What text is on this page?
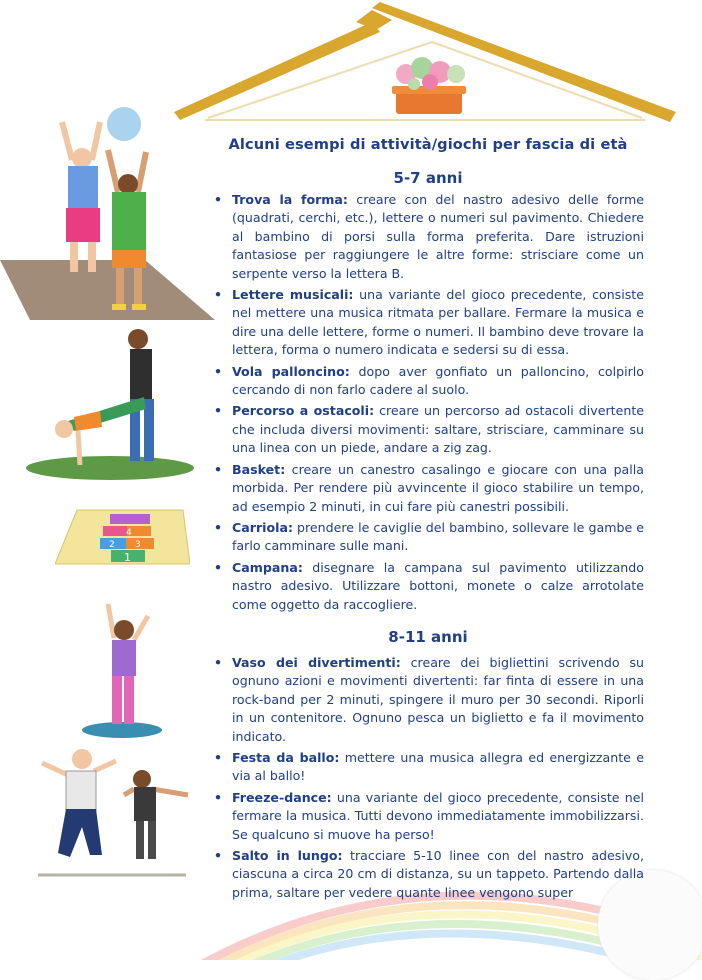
4
2 3
1
Alcuni esempi di attività/giochi per fascia di età
5-7 anni
• Trova la forma: creare con del nastro adesivo delle forme (quadrati, cerchi, etc.), lettere o numeri sul pavimento. Chiedere al bambino di porsi sulla forma preferita. Dare istruzioni fantasiose per raggiungere le altre forme: strisciare come un serpente verso la lettera B.
• Lettere musicali: una variante del gioco precedente, consiste nel mettere una musica ritmata per ballare. Fermare la musica e dire una delle lettere, forme o numeri. Il bambino deve trovare la lettera, forma o numero indicata e sedersi su di essa.
• Vola palloncino: dopo aver gonfiato un palloncino, colpirlo cercando di non farlo cadere al suolo.
• Percorso a ostacoli: creare un percorso ad ostacoli divertente che includa diversi movimenti: saltare, strisciare, camminare su una linea con un piede, andare a zig zag.
• Basket: creare un canestro casalingo e giocare con una palla morbida. Per rendere più avvincente il gioco stabilire un tempo, ad esempio 2 minuti, in cui fare più canestri possibili.
• Carriola: prendere le caviglie del bambino, sollevare le gambe e farlo camminare sulle mani.
• Campana: disegnare la campana sul pavimento utilizzando nastro adesivo. Utilizzare bottoni, monete o calze arrotolate come oggetto da raccogliere.
8-11 anni
• Vaso dei divertimenti: creare dei bigliettini scrivendo su ognuno azioni e movimenti divertenti: far finta di essere in una rock-band per 2 minuti, spingere il muro per 30 secondi. Riporli in un contenitore. Ognuno pesca un biglietto e fa il movimento indicato.
• Festa da ballo: mettere una musica allegra ed energizzante e via al ballo!
• Freeze-dance: una variante del gioco precedente, consiste nel fermare la musica. Tutti devono immediatamente immobilizzarsi. Se qualcuno si muove ha perso!
• Salto in lungo: tracciare 5-10 linee con del nastro adesivo, ciascuna a circa 20 cm di distanza, su un tappeto. Partendo dalla prima, saltare per vedere quante linee vengono super
